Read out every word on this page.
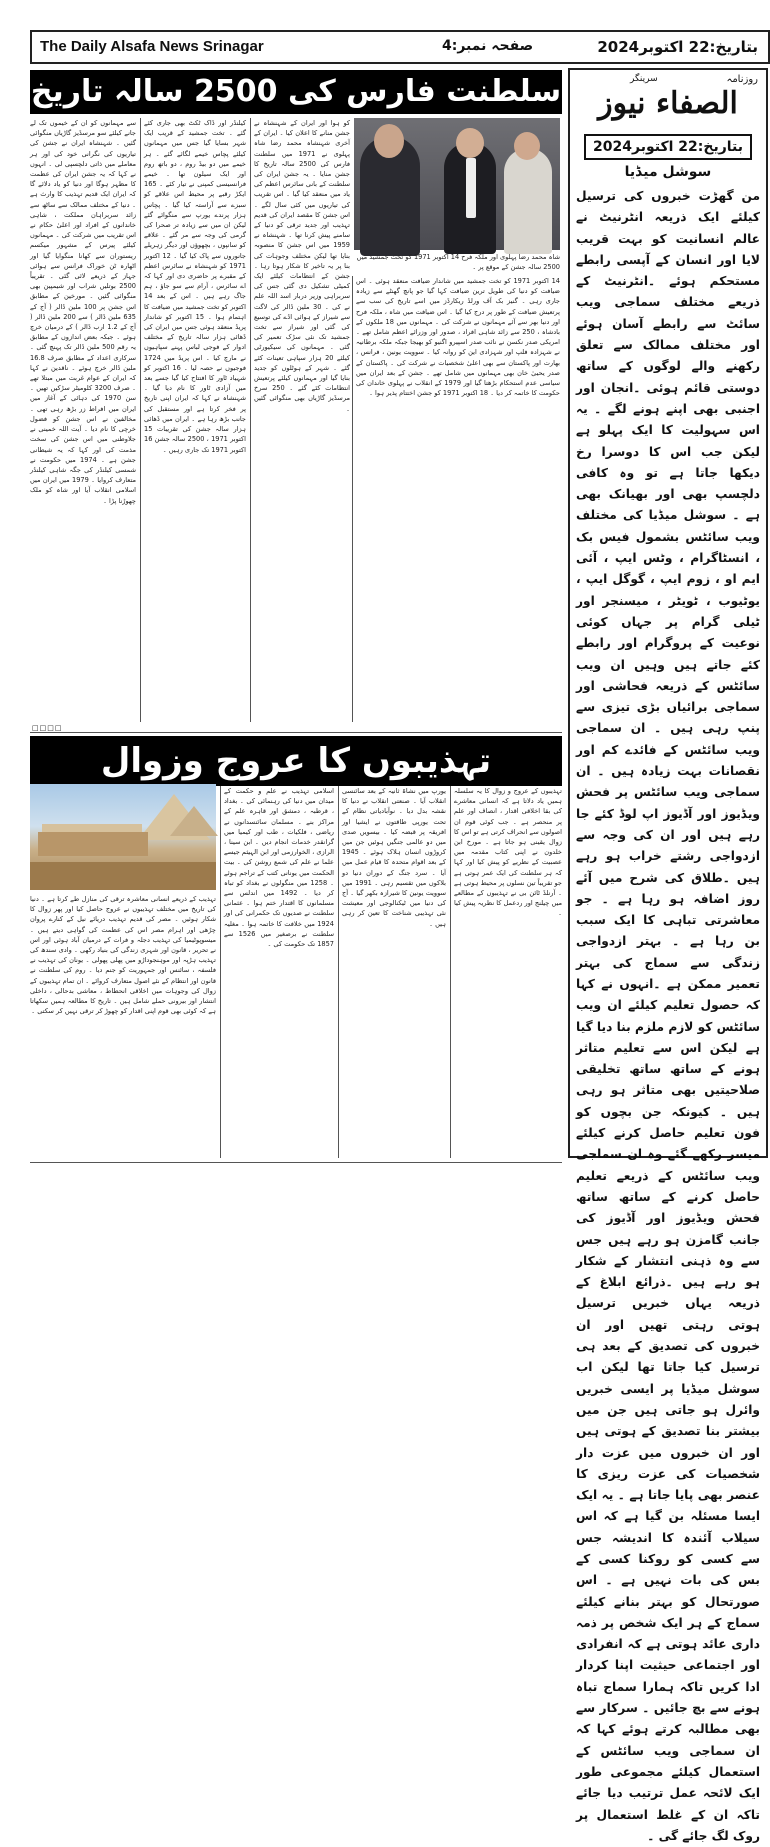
The Daily Alsafa News Srinagar	صفحہ نمبر:4	بتاریخ:22 اکتوبر2024
روزنامہ
سرینگر
الصفاء نیوز
بتاریخ:22 اکتوبر2024
سوشل میڈیا
من گھڑت خبروں کی ترسیل کیلئے ایک ذریعہ انٹرنیٹ نے عالم انسانیت کو بہت قریب لایا اور انسان کے آپسی رابطے مستحکم ہوئے ۔انٹرنیٹ کے ذریعے مختلف سماجی ویب سائٹ سے رابطے آسان ہوئے اور مختلف ممالک سے تعلق رکھنے والے لوگوں کے ساتھ دوستی قائم ہوئی ۔انجان اور اجنبی بھی اپنے ہونے لگے ۔ یہ اس سہولیت کا ایک پہلو ہے لیکن جب اس کا دوسرا رخ دیکھا جاتا ہے تو وہ کافی دلچسپ بھی اور بھیانک بھی ہے ۔ سوشل میڈیا کی مختلف ویب سائٹس بشمول فیس بک ، انسٹاگرام ، وٹس ایپ ، آئی ایم او ، زوم ایپ ، گوگل ایپ ، یوٹیوب ، ٹویٹر ، میسنجر اور ٹیلی گرام پر جہاں کوئی نوعیت کے پروگرام اور رابطے کئے جاتے ہیں وہیں ان ویب سائٹس کے ذریعہ فحاشی اور سماجی برائیاں بڑی تیزی سے پنپ رہی ہیں ۔ ان سماجی ویب سائٹس کے فائدے کم اور نقصانات بہت زیادہ ہیں ۔ ان سماجی ویب سائٹس پر فحش ویڈیوز اور آڈیوز اپ لوڈ کئے جا رہے ہیں اور ان کی وجہ سے ازدواجی رشتے خراب ہو رہے ہیں ۔طلاق کی شرح میں آئے روز اضافہ ہو رہا ہے ۔ جو معاشرتی تباہی کا ایک سبب بن رہا ہے ۔ بہتر ازدواجی زندگی سے سماج کی بہتر تعمیر ممکن ہے ۔انہوں نے کہا کہ حصول تعلیم کیلئے ان ویب سائٹس کو لازم ملزم بنا دیا گیا ہے لیکن اس سے تعلیم متاثر ہونے کے ساتھ ساتھ تخلیقی صلاحیتیں بھی متاثر ہو رہی ہیں ۔ کیونکہ جن بچوں کو فون تعلیم حاصل کرنے کیلئے میسر رکھے گئے وہ ان سماجی ویب سائٹس کے ذریعے تعلیم حاصل کرنے کے ساتھ ساتھ فحش ویڈیوز اور آڈیوز کی جانب گامزن ہو رہے ہیں جس سے وہ ذہنی انتشار کے شکار ہو رہے ہیں ۔ذرائع ابلاغ کے ذریعہ یہاں خبریں ترسیل ہوتی رہتی تھیں اور ان خبروں کی تصدیق کے بعد ہی ترسیل کیا جاتا تھا لیکن اب سوشل میڈیا پر ایسی خبریں وائرل ہو جاتی ہیں جن میں بیشتر بنا تصدیق کے ہوتی ہیں اور ان خبروں میں عزت دار شخصیات کی عزت ریزی کا عنصر بھی پایا جاتا ہے ۔ یہ ایک ایسا مسئلہ بن گیا ہے کہ اس سیلاب آئندہ کا اندیشہ جس سے کسی کو روکنا کسی کے بس کی بات نہیں ہے ۔ اس صورتحال کو بہتر بنانے کیلئے سماج کے ہر ایک شخص پر ذمہ داری عائد ہوتی ہے کہ انفرادی اور اجتماعی حیثیت اپنا کردار ادا کریں تاکہ ہمارا سماج تباہ ہونے سے بچ جائیں ۔ سرکار سے بھی مطالبہ کرتے ہوئے کہا کہ ان سماجی ویب سائٹس کے استعمال کیلئے مجموعی طور ایک لائحہ عمل ترتیب دیا جائے تاکہ ان کے غلط استعمال پر روک لگ جائے گی ۔
سلطنت فارس کی 2500 سالہ تاریخ
شاہ محمد رضا پہلوی اور ملکہ فرح 14 اکتوبر 1971 کو تخت جمشید میں 2500 سالہ جشن کے موقع پر ۔
سے مہمانوں کو ان کے خیموں تک لے جانے کیلئے سو مرسڈیز گاڑیاں منگوائی گئیں ۔ شہنشاہ ایران نے جشن کی تیاریوں کی نگرانی خود کی اور ہر معاملے میں ذاتی دلچسپی لی ۔ انہوں نے کہا کہ یہ جشن ایران کی عظمت کا مظہر ہوگا اور دنیا کو یاد دلائے گا کہ ایران ایک قدیم تہذیب کا وارث ہے ۔ دنیا کے مختلف ممالک سے ساٹھ سے زائد سربراہان مملکت ، شاہی خاندانوں کے افراد اور اعلیٰ حکام نے اس تقریب میں شرکت کی ۔ مہمانوں کیلئے پیرس کے مشہور میکسم ریستوران سے کھانا منگوایا گیا اور اٹھارہ ٹن خوراک فرانس سے ہوائی جہاز کے ذریعے لائی گئی ۔ تقریباً 2500 بوتلیں شراب اور شیمپین بھی منگوائی گئیں ۔ مورخین کے مطابق اس جشن پر 100 ملین ڈالر ( آج کے 635 ملین ڈالر ) سے 200 ملین ڈالر ( آج کے 1.2 ارب ڈالر ) کے درمیان خرچ ہوئے ۔ جبکہ بعض اندازوں کے مطابق یہ رقم 500 ملین ڈالر تک پہنچ گئی ۔ سرکاری اعداد کے مطابق صرف 16.8 ملین ڈالر خرچ ہوئے ۔ ناقدین نے کہا کہ ایران کے عوام غربت میں مبتلا تھے ۔ صرف 3200 کلومیٹر سڑکیں تھیں ۔ سن 1970 کی دہائی کے آغاز میں ایران میں افراط زر بڑھ رہی تھی ۔ مخالفین نے اس جشن کو فضول خرچی کا نام دیا ۔ آیت اللہ خمینی نے جلاوطنی میں اس جشن کی سخت مذمت کی اور کہا کہ یہ شیطانی جشن ہے ۔ 1974 میں حکومت نے شمسی کیلنڈر کی جگہ شاہی کیلنڈر متعارف کروایا ۔ 1979 میں ایران میں اسلامی انقلاب آیا اور شاہ کو ملک چھوڑنا پڑا ۔
کیلنڈر اور ڈاک ٹکٹ بھی جاری کئے گئے ۔ تخت جمشید کے قریب ایک شہر بسایا گیا جس میں مہمانوں کیلئے پچاس خیمے لگائے گئے ۔ ہر خیمے میں دو بیڈ روم ، دو باتھ روم اور ایک سیلون تھا ۔ خیمے فرانسیسی کمپنی نے تیار کئے ۔ 165 ایکڑ رقبے پر محیط اس علاقے کو سبزے سے آراستہ کیا گیا ۔ پچاس ہزار پرندے یورپ سے منگوائے گئے لیکن ان میں سے زیادہ تر صحرا کی گرمی کی وجہ سے مر گئے ۔ علاقے کو سانپوں ، بچھوؤں اور دیگر زہریلے جانوروں سے پاک کیا گیا ۔ 12 اکتوبر 1971 کو شہنشاہ نے سائرس اعظم کے مقبرے پر حاضری دی اور کہا کہ اے سائرس ، آرام سے سو جاؤ ، ہم جاگ رہے ہیں ۔ اس کے بعد 14 اکتوبر کو تخت جمشید میں ضیافت کا اہتمام ہوا ۔ 15 اکتوبر کو شاندار پریڈ منعقد ہوئی جس میں ایران کی ڈھائی ہزار سالہ تاریخ کے مختلف ادوار کے فوجی لباس پہنے سپاہیوں نے مارچ کیا ۔ اس پریڈ میں 1724 فوجیوں نے حصہ لیا ۔ 16 اکتوبر کو شہیاد ٹاور کا افتتاح کیا گیا جسے بعد میں آزادی ٹاور کا نام دیا گیا ۔ شہنشاہ نے کہا کہ ایران اپنی تاریخ پر فخر کرتا ہے اور مستقبل کی جانب بڑھ رہا ہے ۔ ایران میں ڈھائی ہزار سالہ جشن کی تقریبات 15 اکتوبر 1971 ، 2500 سالہ جشن 16 اکتوبر 1971 تک جاری رہیں ۔
کو ہوا اور ایران کے شہنشاہ نے جشن منانے کا اعلان کیا ۔ ایران کے آخری شہنشاہ محمد رضا شاہ پہلوی نے 1971 میں سلطنت فارس کی 2500 سالہ تاریخ کا جشن منایا ۔ یہ جشن ایران کی سلطنت کے بانی سائرس اعظم کی یاد میں منعقد کیا گیا ۔ اس تقریب کی تیاریوں میں کئی سال لگے ۔ اس جشن کا مقصد ایران کی قدیم تہذیب اور جدید ترقی کو دنیا کے سامنے پیش کرنا تھا ۔ شہنشاہ نے 1959 میں اس جشن کا منصوبہ بنایا تھا لیکن مختلف وجوہات کی بنا پر یہ تاخیر کا شکار ہوتا رہا ۔ جشن کے انتظامات کیلئے ایک کمیٹی تشکیل دی گئی جس کی سربراہی وزیر دربار اسد اللہ علم نے کی ۔ 30 ملین ڈالر کی لاگت سے شیراز کے ہوائی اڈے کی توسیع کی گئی اور شیراز سے تخت جمشید تک نئی سڑک تعمیر کی گئی ۔ مہمانوں کی سیکیورٹی کیلئے 20 ہزار سپاہی تعینات کئے گئے ۔ شہر کے ہوٹلوں کو جدید بنایا گیا اور مہمانوں کیلئے پرتعیش انتظامات کئے گئے ۔ 250 سرخ مرسڈیز گاڑیاں بھی منگوائی گئیں ۔
14 اکتوبر 1971 کو تخت جمشید میں شاندار ضیافت منعقد ہوئی ۔ اس ضیافت کو دنیا کی طویل ترین ضیافت کہا گیا جو پانچ گھنٹے سے زیادہ جاری رہی ۔ گنیز بک آف ورلڈ ریکارڈز میں اسے تاریخ کی سب سے پرتعیش ضیافت کے طور پر درج کیا گیا ۔ اس ضیافت میں شاہ ، ملکہ فرح اور دنیا بھر سے آئے مہمانوں نے شرکت کی ۔ مہمانوں میں 18 ملکوں کے بادشاہ ، 250 سے زائد شاہی افراد ، صدور اور وزرائے اعظم شامل تھے ۔ امریکی صدر نکسن نے نائب صدر اسپیرو اگنیو کو بھیجا جبکہ ملکہ برطانیہ نے شہزادہ فلپ اور شہزادی این کو روانہ کیا ۔ سوویت یونین ، فرانس ، بھارت اور پاکستان سے بھی اعلیٰ شخصیات نے شرکت کی ۔ پاکستان کے صدر یحییٰ خان بھی مہمانوں میں شامل تھے ۔ جشن کے بعد ایران میں سیاسی عدم استحکام بڑھتا گیا اور 1979 کے انقلاب نے پہلوی خاندان کی حکومت کا خاتمہ کر دیا ۔ 18 اکتوبر 1971 کو جشن اختتام پذیر ہوا ۔
□□□□
تہذیبوں کا عروج وزوال
تہذیب کے ذریعے انسانی معاشرہ ترقی کی منازل طے کرتا ہے ۔ دنیا کی تاریخ میں مختلف تہذیبوں نے عروج حاصل کیا اور پھر زوال کا شکار ہوئیں ۔ مصر کی قدیم تہذیب دریائے نیل کے کنارے پروان چڑھی اور اہرام مصر اس کی عظمت کی گواہی دیتے ہیں ۔ میسوپوٹیمیا کی تہذیب دجلہ و فرات کے درمیان آباد ہوئی اور اس نے تحریر ، قانون اور شہری زندگی کی بنیاد رکھی ۔ وادی سندھ کی تہذیب ہڑپہ اور موہنجوداڑو میں پھلی پھولی ۔ یونان کی تہذیب نے فلسفہ ، سائنس اور جمہوریت کو جنم دیا ۔ روم کی سلطنت نے قانون اور انتظام کے نئے اصول متعارف کروائے ۔ ان تمام تہذیبوں کے زوال کی وجوہات میں اخلاقی انحطاط ، معاشی بدحالی ، داخلی انتشار اور بیرونی حملے شامل ہیں ۔ تاریخ کا مطالعہ ہمیں سکھاتا ہے کہ کوئی بھی قوم اپنی اقدار کو چھوڑ کر ترقی نہیں کر سکتی ۔
اسلامی تہذیب نے علم و حکمت کے میدان میں دنیا کی رہنمائی کی ۔ بغداد ، قرطبہ ، دمشق اور قاہرہ علم کے مراکز بنے ۔ مسلمان سائنسدانوں نے ریاضی ، فلکیات ، طب اور کیمیا میں گرانقدر خدمات انجام دیں ۔ ابن سینا ، الرازی ، الخوارزمی اور ابن الہیثم جیسے علما نے علم کی شمع روشن کی ۔ بیت الحکمت میں یونانی کتب کے تراجم ہوئے ۔ 1258 میں منگولوں نے بغداد کو تباہ کر دیا ۔ 1492 میں اندلس سے مسلمانوں کا اقتدار ختم ہوا ۔ عثمانی سلطنت نے صدیوں تک حکمرانی کی اور 1924 میں خلافت کا خاتمہ ہوا ۔ مغلیہ سلطنت نے برصغیر میں 1526 سے 1857 تک حکومت کی ۔
یورپ میں نشاۃ ثانیہ کے بعد سائنسی انقلاب آیا ۔ صنعتی انقلاب نے دنیا کا نقشہ بدل دیا ۔ نوآبادیاتی نظام کے تحت یورپی طاقتوں نے ایشیا اور افریقہ پر قبضہ کیا ۔ بیسویں صدی میں دو عالمی جنگیں ہوئیں جن میں کروڑوں انسان ہلاک ہوئے ۔ 1945 کے بعد اقوام متحدہ کا قیام عمل میں آیا ۔ سرد جنگ کے دوران دنیا دو بلاکوں میں تقسیم رہی ۔ 1991 میں سوویت یونین کا شیرازہ بکھر گیا ۔ آج کی دنیا میں ٹیکنالوجی اور معیشت نئی تہذیبی شناخت کا تعین کر رہی ہیں ۔
تہذیبوں کے عروج و زوال کا یہ سلسلہ ہمیں یاد دلاتا ہے کہ انسانی معاشرے کی بقا اخلاقی اقدار ، انصاف اور علم پر منحصر ہے ۔ جب کوئی قوم ان اصولوں سے انحراف کرتی ہے تو اس کا زوال یقینی ہو جاتا ہے ۔ مورخ ابن خلدون نے اپنی کتاب مقدمہ میں عصبیت کے نظریے کو پیش کیا اور کہا کہ ہر سلطنت کی ایک عمر ہوتی ہے جو تقریباً تین نسلوں پر محیط ہوتی ہے ۔ آرنلڈ ٹائن بی نے تہذیبوں کے مطالعے میں چیلنج اور ردعمل کا نظریہ پیش کیا ۔
